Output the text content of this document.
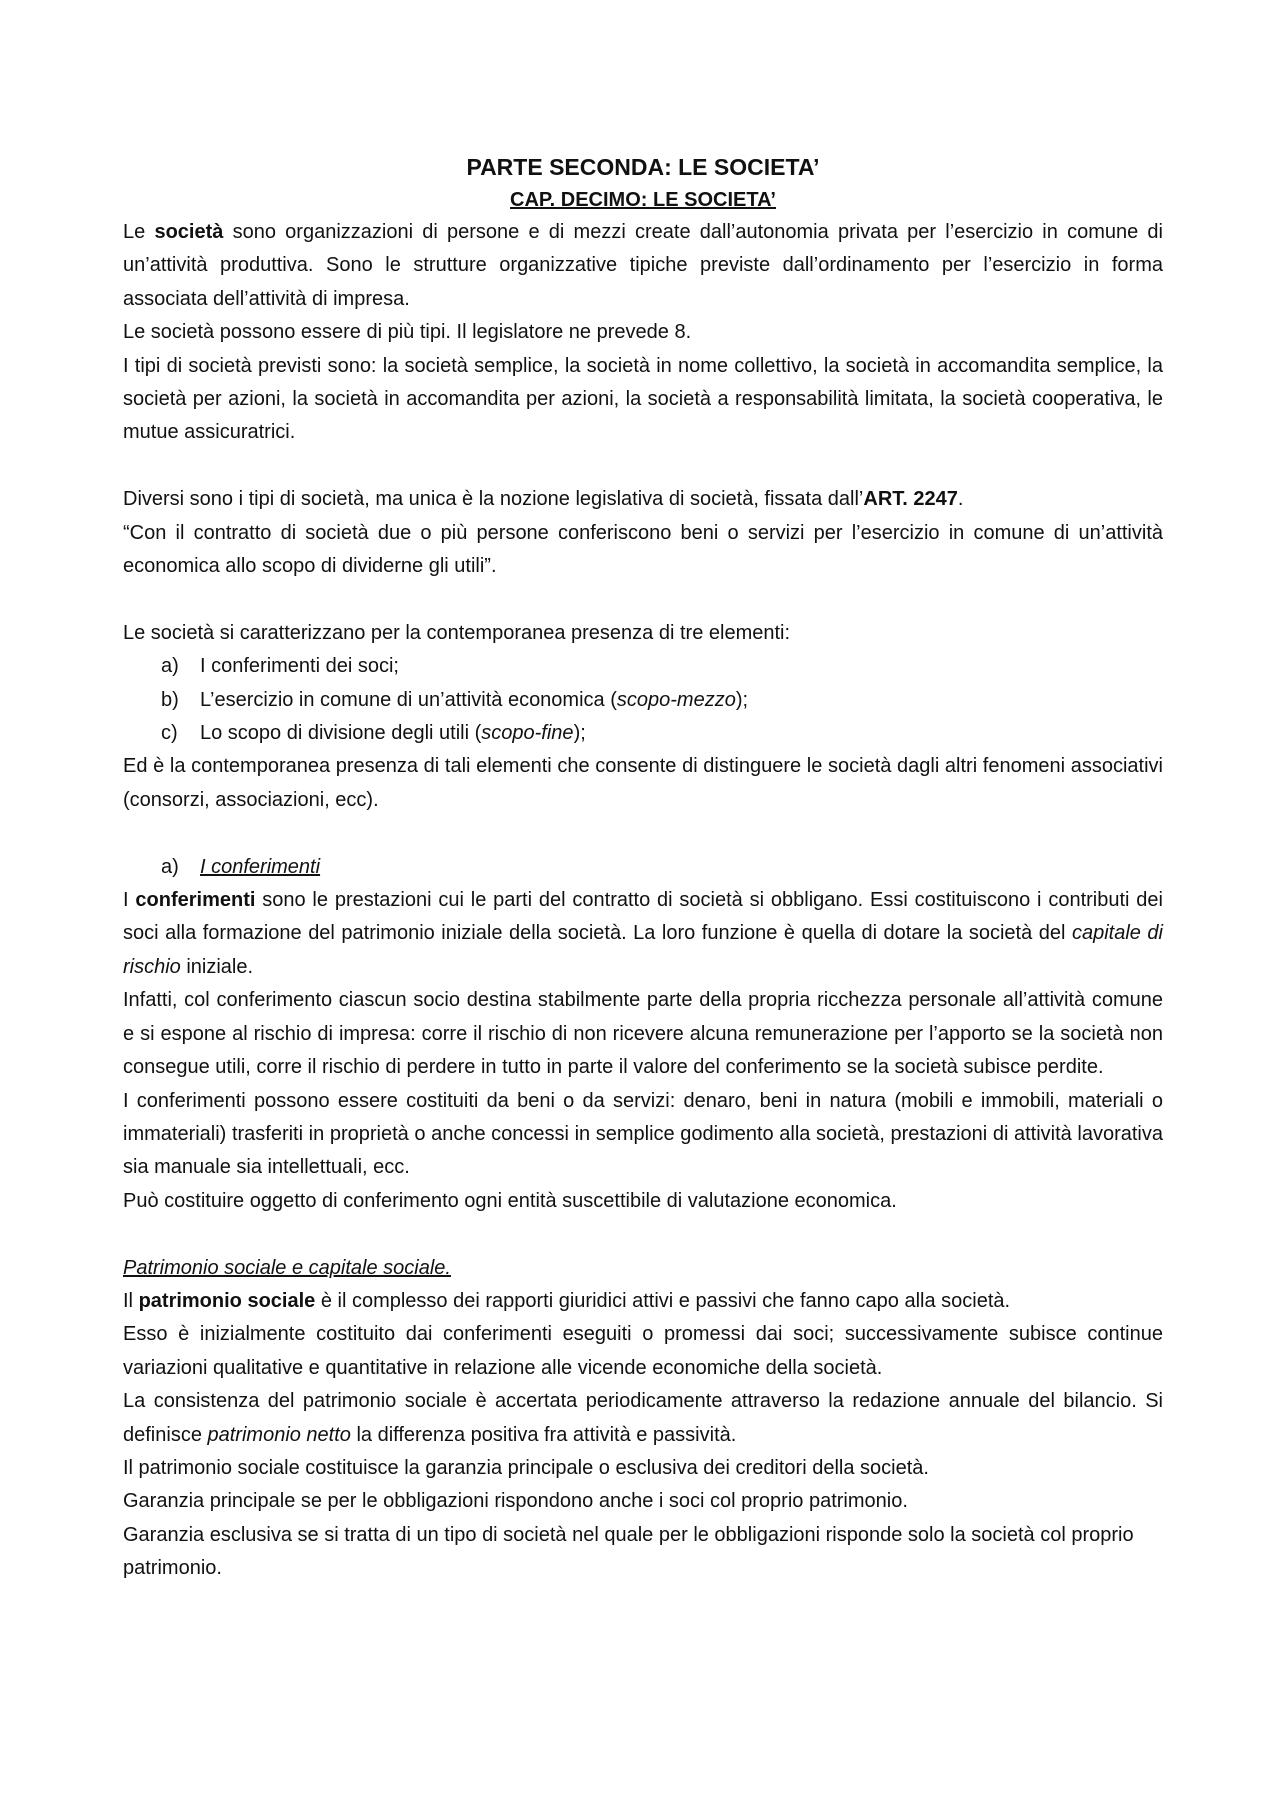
PARTE SECONDA: LE SOCIETA’
CAP. DECIMO: LE SOCIETA’

Le società sono organizzazioni di persone e di mezzi create dall’autonomia privata per l’esercizio in comune di un’attività produttiva. Sono le strutture organizzative tipiche previste dall’ordinamento per l’esercizio in forma associata dell’attività di impresa.

Le società possono essere di più tipi. Il legislatore ne prevede 8.

I tipi di società previsti sono: la società semplice, la società in nome collettivo, la società in accomandita semplice, la società per azioni, la società in accomandita per azioni, la società a responsabilità limitata, la società cooperativa, le mutue assicuratrici.

Diversi sono i tipi di società, ma unica è la nozione legislativa di società, fissata dall’ART. 2247.

“Con il contratto di società due o più persone conferiscono beni o servizi per l’esercizio in comune di un’attività economica allo scopo di dividerne gli utili”.

Le società si caratterizzano per la contemporanea presenza di tre elementi:

a) I conferimenti dei soci;
b) L’esercizio in comune di un’attività economica (scopo-mezzo);
c) Lo scopo di divisione degli utili (scopo-fine);

Ed è la contemporanea presenza di tali elementi che consente di distinguere le società dagli altri fenomeni associativi (consorzi, associazioni, ecc).

a) I conferimenti

I conferimenti sono le prestazioni cui le parti del contratto di società si obbligano. Essi costituiscono i contributi dei soci alla formazione del patrimonio iniziale della società. La loro funzione è quella di dotare la società del capitale di rischio iniziale.

Infatti, col conferimento ciascun socio destina stabilmente parte della propria ricchezza personale all’attività comune e si espone al rischio di impresa: corre il rischio di non ricevere alcuna remunerazione per l’apporto se la società non consegue utili, corre il rischio di perdere in tutto in parte il valore del conferimento se la società subisce perdite.

I conferimenti possono essere costituiti da beni o da servizi: denaro, beni in natura (mobili e immobili, materiali o immateriali) trasferiti in proprietà o anche concessi in semplice godimento alla società, prestazioni di attività lavorativa sia manuale sia intellettuali, ecc.

Può costituire oggetto di conferimento ogni entità suscettibile di valutazione economica.

Patrimonio sociale e capitale sociale.

Il patrimonio sociale è il complesso dei rapporti giuridici attivi e passivi che fanno capo alla società.

Esso è inizialmente costituito dai conferimenti eseguiti o promessi dai soci; successivamente subisce continue variazioni qualitative e quantitative in relazione alle vicende economiche della società.

La consistenza del patrimonio sociale è accertata periodicamente attraverso la redazione annuale del bilancio. Si definisce patrimonio netto la differenza positiva fra attività e passività.

Il patrimonio sociale costituisce la garanzia principale o esclusiva dei creditori della società.

Garanzia principale se per le obbligazioni rispondono anche i soci col proprio patrimonio.

Garanzia esclusiva se si tratta di un tipo di società nel quale per le obbligazioni risponde solo la società col proprio patrimonio.
